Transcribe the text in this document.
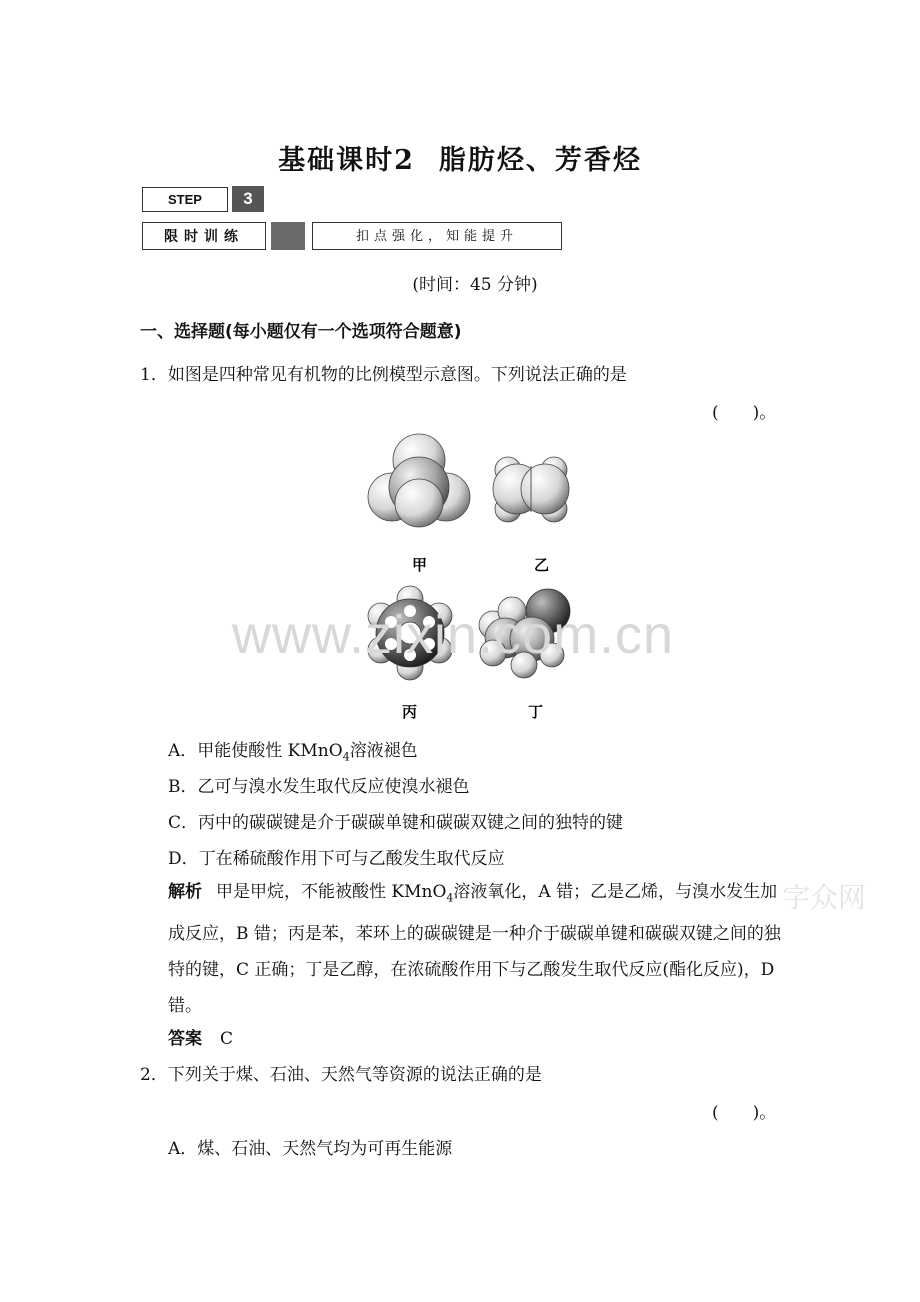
基础课时2 脂肪烃、芳香烃
STEP	3
限时训练	扣点强化，知能提升
(时间：45 分钟)
一、选择题(每小题仅有一个选项符合题意)
1．如图是四种常见有机物的比例模型示意图。下列说法正确的是
(　　)。
甲	乙
丙	丁
www.zixin.com.cn
A．甲能使酸性 KMnO$_4$溶液褪色
B．乙可与溴水发生取代反应使溴水褪色
C．丙中的碳碳键是介于碳碳单键和碳碳双键之间的独特的键
D．丁在稀硫酸作用下可与乙酸发生取代反应
解析 甲是甲烷，不能被酸性 KMnO$_4$溶液氧化，A 错；乙是乙烯，与溴水发生加成反应，B 错；丙是苯，苯环上的碳碳键是一种介于碳碳单键和碳碳双键之间的独特的键，C 正确；丁是乙醇，在浓硫酸作用下与乙酸发生取代反应(酯化反应)，D 错。
字众网
答案 C
2．下列关于煤、石油、天然气等资源的说法正确的是
(　　)。
A．煤、石油、天然气均为可再生能源
